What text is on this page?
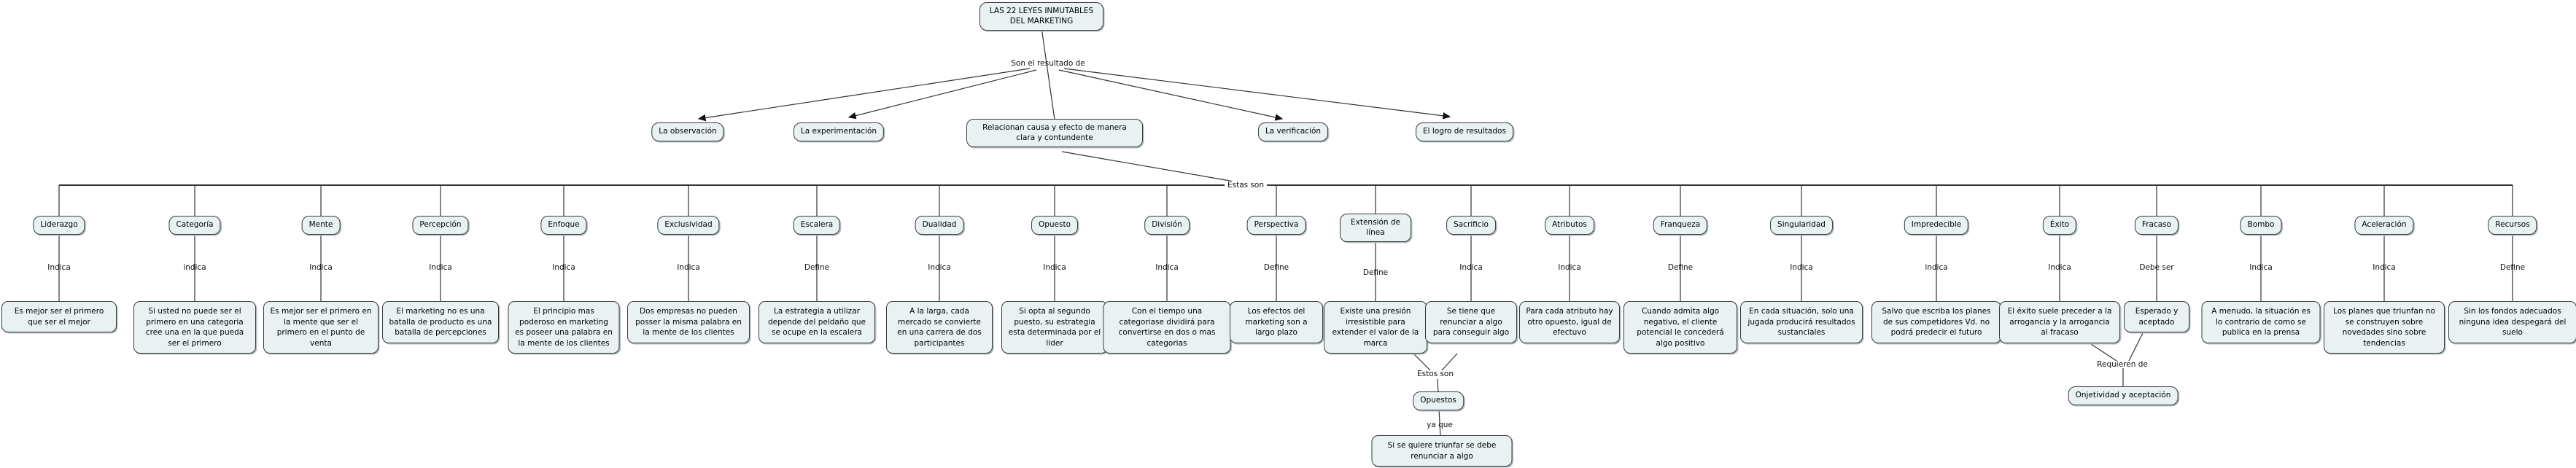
LAS 22 LEYES INMUTABLES DEL MARKETING
Son el resultado de
La observación	La experimentación	Relacionan causa y efecto de manera clara y contundente
La verificación	El logro de resultados
Estas son
Liderazgo
Indica
Es mejor ser el primero que ser el mejor
Categoría
indica
Si usted no puede ser el primero en una categoria cree una en la que pueda ser el primero
Mente
Indica
Es mejor ser el primero en la mente que ser el primero en el punto de venta
Percepción
Indica
El marketing no es una batalla de producto es una batalla de percepciones
Enfoque
Indica
El principio mas poderoso en marketing es poseer una palabra en la mente de los clientes
Exclusividad
Indica
Dos empresas no pueden posser la misma palabra en la mente de los clientes
Escalera
Define
La estrategia a utilizar depende del peldaño que se ocupe en la escalera
Dualidad
Indica
A la larga, cada mercado se convierte en una carrera de dos participantes
Opuesto
Indica
Si opta al segundo puesto, su estrategia esta determinada por el lider
División
Indica
Con el tiempo una categoriase dividirá para convertirse en dos o mas categorias
Perspectiva
Define
Los efectos del marketing son a largo plazo
Extensión de línea
Define
Existe una presión irresistible para extender el valor de la marca
Sacrificio
Indica
Se tiene que renunciar a algo para conseguir algo
Atributos
Indica
Para cada atributo hay otro opuesto, igual de efectuvo
Franqueza
Define
Cuando admita algo negativo, el cliente potencial le concederá algo positivo
Singularidad
Indica
En cada situación, solo una jugada producirá resultados sustanciales
Impredecible
indica
Salvo que escriba los planes de sus competidores Vd. no podrá predecir el futuro
Éxito
Indica
El éxito suele preceder a la arrogancia y la arrogancia al fracaso
Fracaso
Debe ser
Esperado y aceptado
Bombo
Indica
A menudo, la situación es lo contrario de como se publica en la prensa
Aceleración
Indica
Los planes que triunfan no se construyen sobre novedades sino sobre tendencias
Recursos
Define
Sin los fondos adecuados ninguna idea despegará del suelo
Estos son
Opuestos
ya que
Si se quiere triunfar se debe renunciar a algo
Requieren de
Onjetividad y aceptación
